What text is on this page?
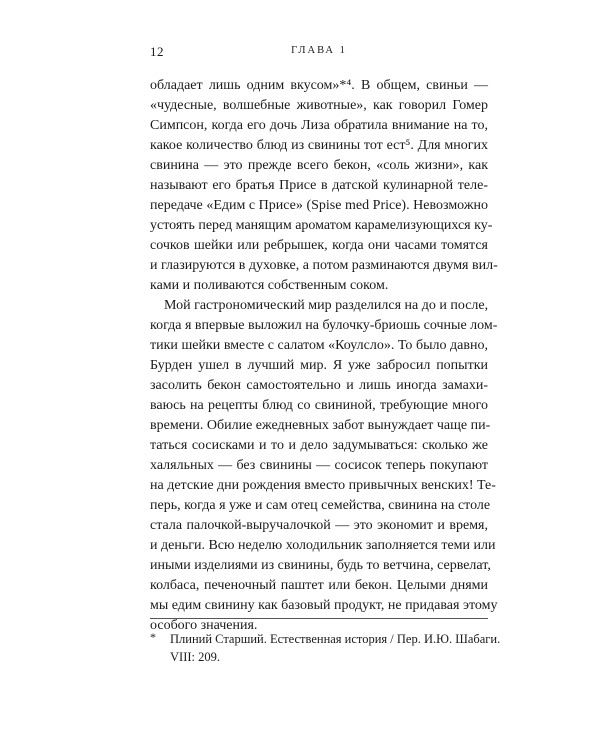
12	ГЛАВА 1
обладает лишь одним вкусом»*⁴. В общем, свиньи —
«чудесные, волшебные животные», как говорил Гомер
Симпсон, когда его дочь Лиза обратила внимание на то,
какое количество блюд из свинины тот ест⁵. Для многих
свинина — это прежде всего бекон, «соль жизни», как
называют его братья Присе в датской кулинарной теле-
передаче «Едим с Присе» (Spise med Price). Невозможно
устоять перед манящим ароматом карамелизующихся ку-
сочков шейки или ребрышек, когда они часами томятся
и глазируются в духовке, а потом разминаются двумя вил-
ками и поливаются собственным соком.
Мой гастрономический мир разделился на до и после,
когда я впервые выложил на булочку-бриошь сочные лом-
тики шейки вместе с салатом «Коулсло». То было давно,
Бурден ушел в лучший мир. Я уже забросил попытки
засолить бекон самостоятельно и лишь иногда замахи-
ваюсь на рецепты блюд со свининой, требующие много
времени. Обилие ежедневных забот вынуждает чаще пи-
таться сосисками и то и дело задумываться: сколько же
халяльных — без свинины — сосисок теперь покупают
на детские дни рождения вместо привычных венских! Те-
перь, когда я уже и сам отец семейства, свинина на столе
стала палочкой-выручалочкой — это экономит и время,
и деньги. Всю неделю холодильник заполняется теми или
иными изделиями из свинины, будь то ветчина, сервелат,
колбаса, печеночный паштет или бекон. Целыми днями
мы едим свинину как базовый продукт, не придавая этому
особого значения.
* Плиний Старший. Естественная история / Пер. И.Ю. Шабаги.
VIII: 209.
